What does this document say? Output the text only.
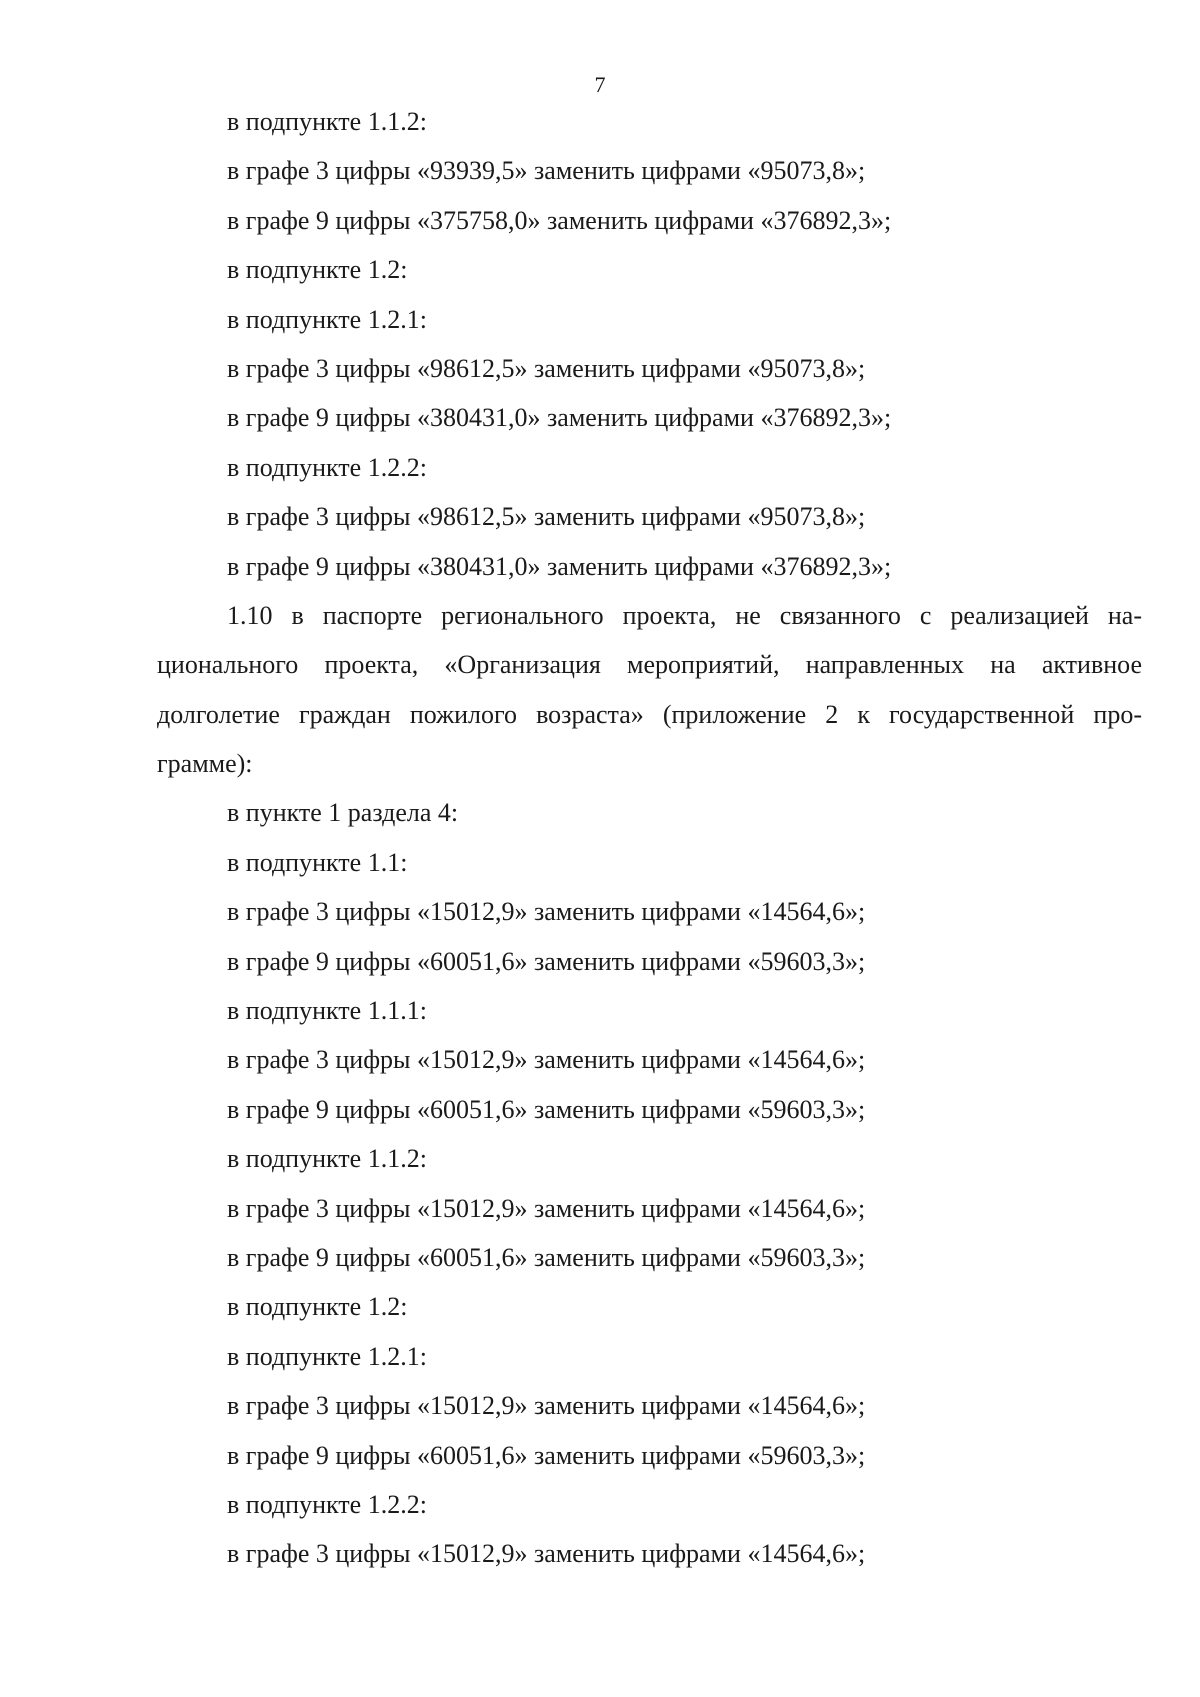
7
в подпункте 1.1.2:
в графе 3 цифры «93939,5» заменить цифрами «95073,8»;
в графе 9 цифры «375758,0» заменить цифрами «376892,3»;
в подпункте 1.2:
в подпункте 1.2.1:
в графе 3 цифры «98612,5» заменить цифрами «95073,8»;
в графе 9 цифры «380431,0» заменить цифрами «376892,3»;
в подпункте 1.2.2:
в графе 3 цифры «98612,5» заменить цифрами «95073,8»;
в графе 9 цифры «380431,0» заменить цифрами «376892,3»;
1.10 в паспорте регионального проекта, не связанного с реализацией на-
ционального проекта, «Организация мероприятий, направленных на активное
долголетие граждан пожилого возраста» (приложение 2 к государственной про-
грамме):
в пункте 1 раздела 4:
в подпункте 1.1:
в графе 3 цифры «15012,9» заменить цифрами «14564,6»;
в графе 9 цифры «60051,6» заменить цифрами «59603,3»;
в подпункте 1.1.1:
в графе 3 цифры «15012,9» заменить цифрами «14564,6»;
в графе 9 цифры «60051,6» заменить цифрами «59603,3»;
в подпункте 1.1.2:
в графе 3 цифры «15012,9» заменить цифрами «14564,6»;
в графе 9 цифры «60051,6» заменить цифрами «59603,3»;
в подпункте 1.2:
в подпункте 1.2.1:
в графе 3 цифры «15012,9» заменить цифрами «14564,6»;
в графе 9 цифры «60051,6» заменить цифрами «59603,3»;
в подпункте 1.2.2:
в графе 3 цифры «15012,9» заменить цифрами «14564,6»;
